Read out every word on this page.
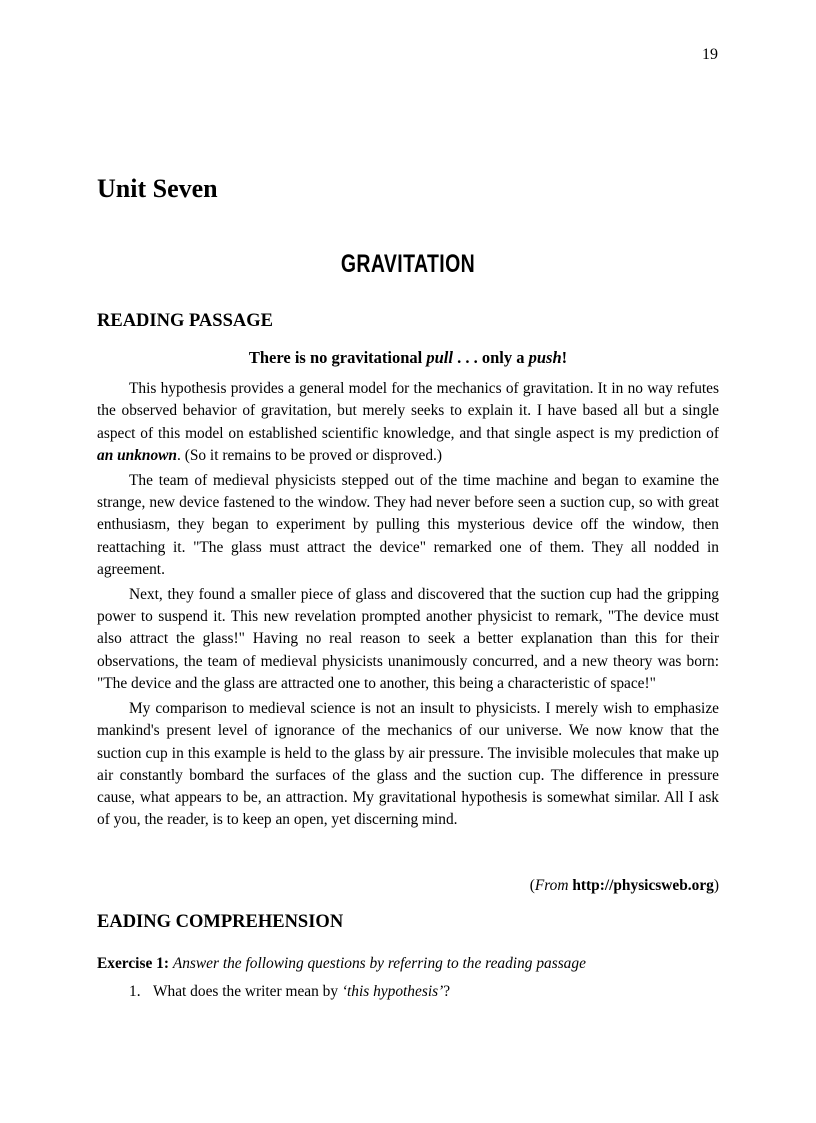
19
Unit Seven
GRAVITATION
READING PASSAGE
There is no gravitational pull . . . only a push!

This hypothesis provides a general model for the mechanics of gravitation. It in no way refutes the observed behavior of gravitation, but merely seeks to explain it. I have based all but a single aspect of this model on established scientific knowledge, and that single aspect is my prediction of an unknown. (So it remains to be proved or disproved.)

The team of medieval physicists stepped out of the time machine and began to examine the strange, new device fastened to the window. They had never before seen a suction cup, so with great enthusiasm, they began to experiment by pulling this mysterious device off the window, then reattaching it. "The glass must attract the device" remarked one of them. They all nodded in agreement.

Next, they found a smaller piece of glass and discovered that the suction cup had the gripping power to suspend it. This new revelation prompted another physicist to remark, "The device must also attract the glass!" Having no real reason to seek a better explanation than this for their observations, the team of medieval physicists unanimously concurred, and a new theory was born: "The device and the glass are attracted one to another, this being a characteristic of space!"

My comparison to medieval science is not an insult to physicists. I merely wish to emphasize mankind's present level of ignorance of the mechanics of our universe. We now know that the suction cup in this example is held to the glass by air pressure. The invisible molecules that make up air constantly bombard the surfaces of the glass and the suction cup. The difference in pressure cause, what appears to be, an attraction. My gravitational hypothesis is somewhat similar. All I ask of you, the reader, is to keep an open, yet discerning mind.

(From http://physicsweb.org)
EADING COMPREHENSION
Exercise 1: Answer the following questions by referring to the reading passage
1. What does the writer mean by ‘this hypothesis’?
